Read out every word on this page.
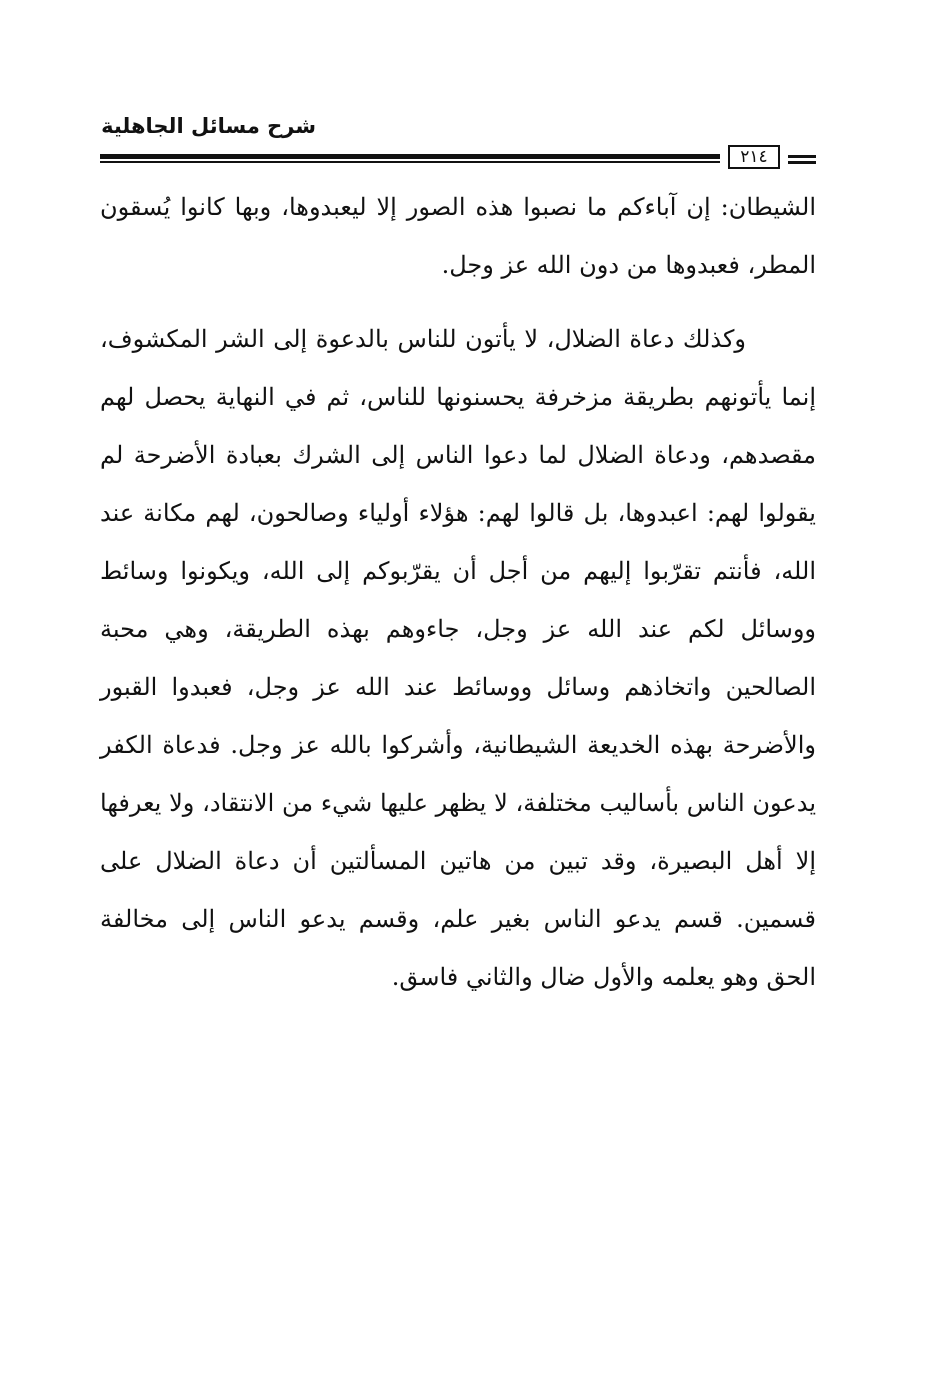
شرح مسائل الجاهلية
٢١٤

الشيطان: إن آباءكم ما نصبوا هذه الصور إلا ليعبدوها، وبها كانوا يُسقون المطر، فعبدوها من دون الله عز وجل.

وكذلك دعاة الضلال، لا يأتون للناس بالدعوة إلى الشر المكشوف، إنما يأتونهم بطريقة مزخرفة يحسنونها للناس، ثم في النهاية يحصل لهم مقصدهم، ودعاة الضلال لما دعوا الناس إلى الشرك بعبادة الأضرحة لم يقولوا لهم: اعبدوها، بل قالوا لهم: هؤلاء أولياء وصالحون، لهم مكانة عند الله، فأنتم تقرّبوا إليهم من أجل أن يقرّبوكم إلى الله، ويكونوا وسائط ووسائل لكم عند الله عز وجل، جاءوهم بهذه الطريقة، وهي محبة الصالحين واتخاذهم وسائل ووسائط عند الله عز وجل، فعبدوا القبور والأضرحة بهذه الخديعة الشيطانية، وأشركوا بالله عز وجل. فدعاة الكفر يدعون الناس بأساليب مختلفة، لا يظهر عليها شيء من الانتقاد، ولا يعرفها إلا أهل البصيرة، وقد تبين من هاتين المسألتين أن دعاة الضلال على قسمين. قسم يدعو الناس بغير علم، وقسم يدعو الناس إلى مخالفة الحق وهو يعلمه والأول ضال والثاني فاسق.
